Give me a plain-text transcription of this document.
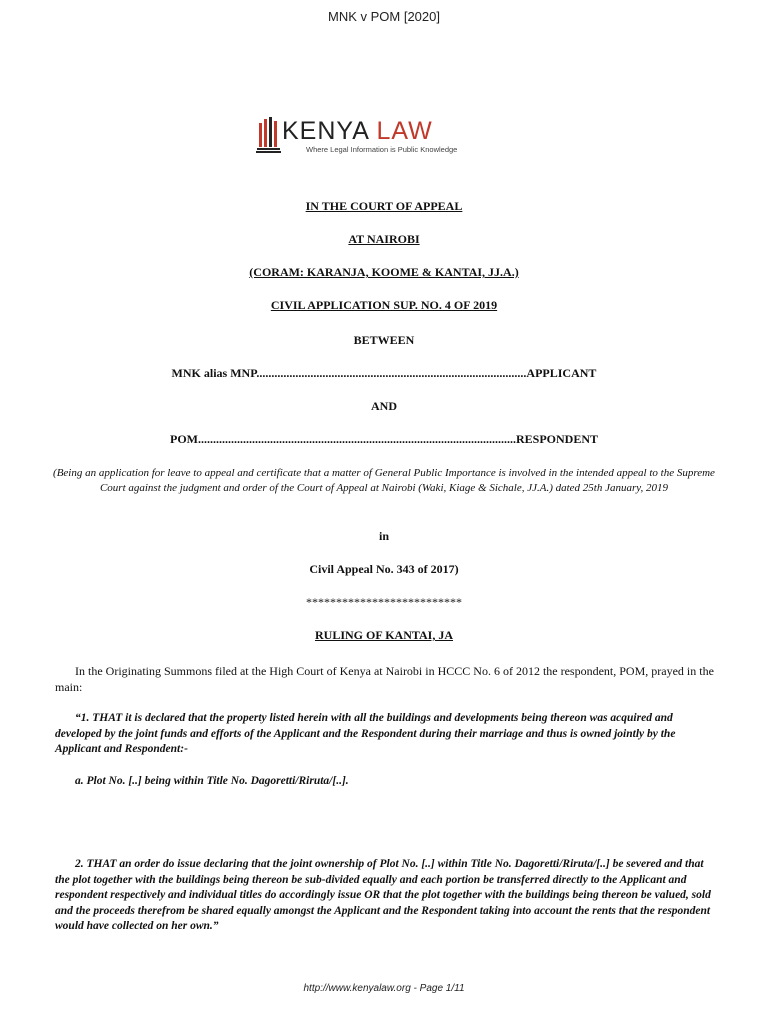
MNK v POM [2020]
KENYA LAW
Where Legal Information is Public Knowledge
IN THE COURT OF APPEAL
AT NAIROBI
(CORAM: KARANJA, KOOME & KANTAI, JJ.A.)
CIVIL APPLICATION SUP. NO. 4 OF 2019
BETWEEN
MNK alias MNP..........................................................................................APPLICANT
AND
POM..........................................................................................................RESPONDENT
(Being an application for leave to appeal and certificate that a matter of General Public Importance is involved in the intended appeal to the Supreme Court against the judgment and order of the Court of Appeal at Nairobi (Waki, Kiage & Sichale, JJ.A.) dated 25th January, 2019
in
Civil Appeal No. 343 of 2017)
**************************
RULING OF KANTAI, JA
In the Originating Summons filed at the High Court of Kenya at Nairobi in HCCC No. 6 of 2012 the respondent, POM, prayed in the main:
“1. THAT it is declared that the property listed herein with all the buildings and developments being thereon was acquired and developed by the joint funds and efforts of the Applicant and the Respondent during their marriage and thus is owned jointly by the Applicant and Respondent:-
a. Plot No. [..] being within Title No. Dagoretti/Riruta/[..].
2. THAT an order do issue declaring that the joint ownership of Plot No. [..] within Title No. Dagoretti/Riruta/[..] be severed and that the plot together with the buildings being thereon be sub-divided equally and each portion be transferred directly to the Applicant and respondent respectively and individual titles do accordingly issue OR that the plot together with the buildings being thereon be valued, sold and the proceeds therefrom be shared equally amongst the Applicant and the Respondent taking into account the rents that the respondent would have collected on her own.”
http://www.kenyalaw.org - Page 1/11
